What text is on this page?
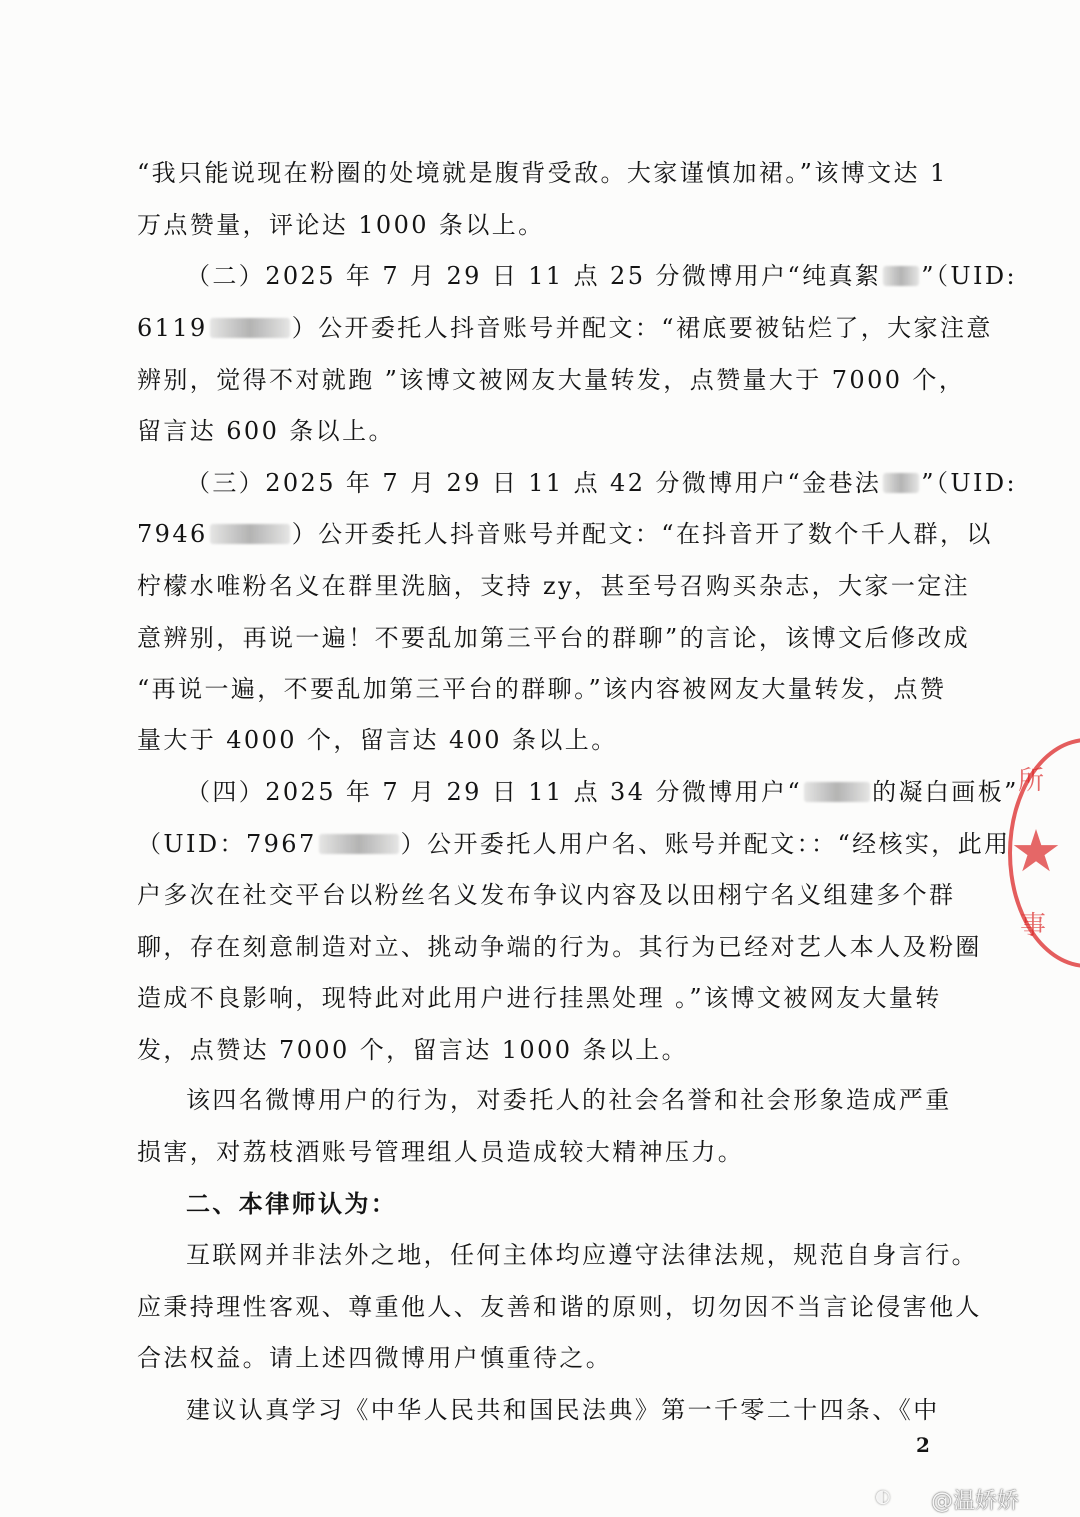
“我只能说现在粉圈的处境就是腹背受敌。大家谨慎加裙。”该博文达 1
万点赞量，评论达 1000 条以上。
（二）2025 年 7 月 29 日 11 点 25 分微博用户“纯真絮 ”（UID:
6119	）公开委托人抖音账号并配文：“裙底要被钻烂了，大家注意
辨别，觉得不对就跑 ”该博文被网友大量转发，点赞量大于 7000 个，
留言达 600 条以上。
（三）2025 年 7 月 29 日 11 点 42 分微博用户“金巷法 ”（UID:
7946	）公开委托人抖音账号并配文：“在抖音开了数个千人群，以
柠檬水唯粉名义在群里洗脑，支持 zy，甚至号召购买杂志，大家一定注
意辨别，再说一遍！不要乱加第三平台的群聊”的言论，该博文后修改成
“再说一遍，不要乱加第三平台的群聊。”该内容被网友大量转发，点赞
量大于 4000 个，留言达 400 条以上。
（四）2025 年 7 月 29 日 11 点 34 分微博用户“	的凝白画板”
（UID：7967	）公开委托人用户名、账号并配文：：“经核实，此用
户多次在社交平台以粉丝名义发布争议内容及以田栩宁名义组建多个群
聊，存在刻意制造对立、挑动争端的行为。其行为已经对艺人本人及粉圈
造成不良影响，现特此对此用户进行挂黑处理 。”该博文被网友大量转
发，点赞达 7000 个，留言达 1000 条以上。
该四名微博用户的行为，对委托人的社会名誉和社会形象造成严重
损害，对荔枝酒账号管理组人员造成较大精神压力。
二、本律师认为：
互联网并非法外之地，任何主体均应遵守法律法规，规范自身言行。
应秉持理性客观、尊重他人、友善和谐的原则，切勿因不当言论侵害他人
合法权益。请上述四微博用户慎重待之。
建议认真学习《中华人民共和国民法典》第一千零二十四条、《中
2
★
所
事
◐	@温娇娇
